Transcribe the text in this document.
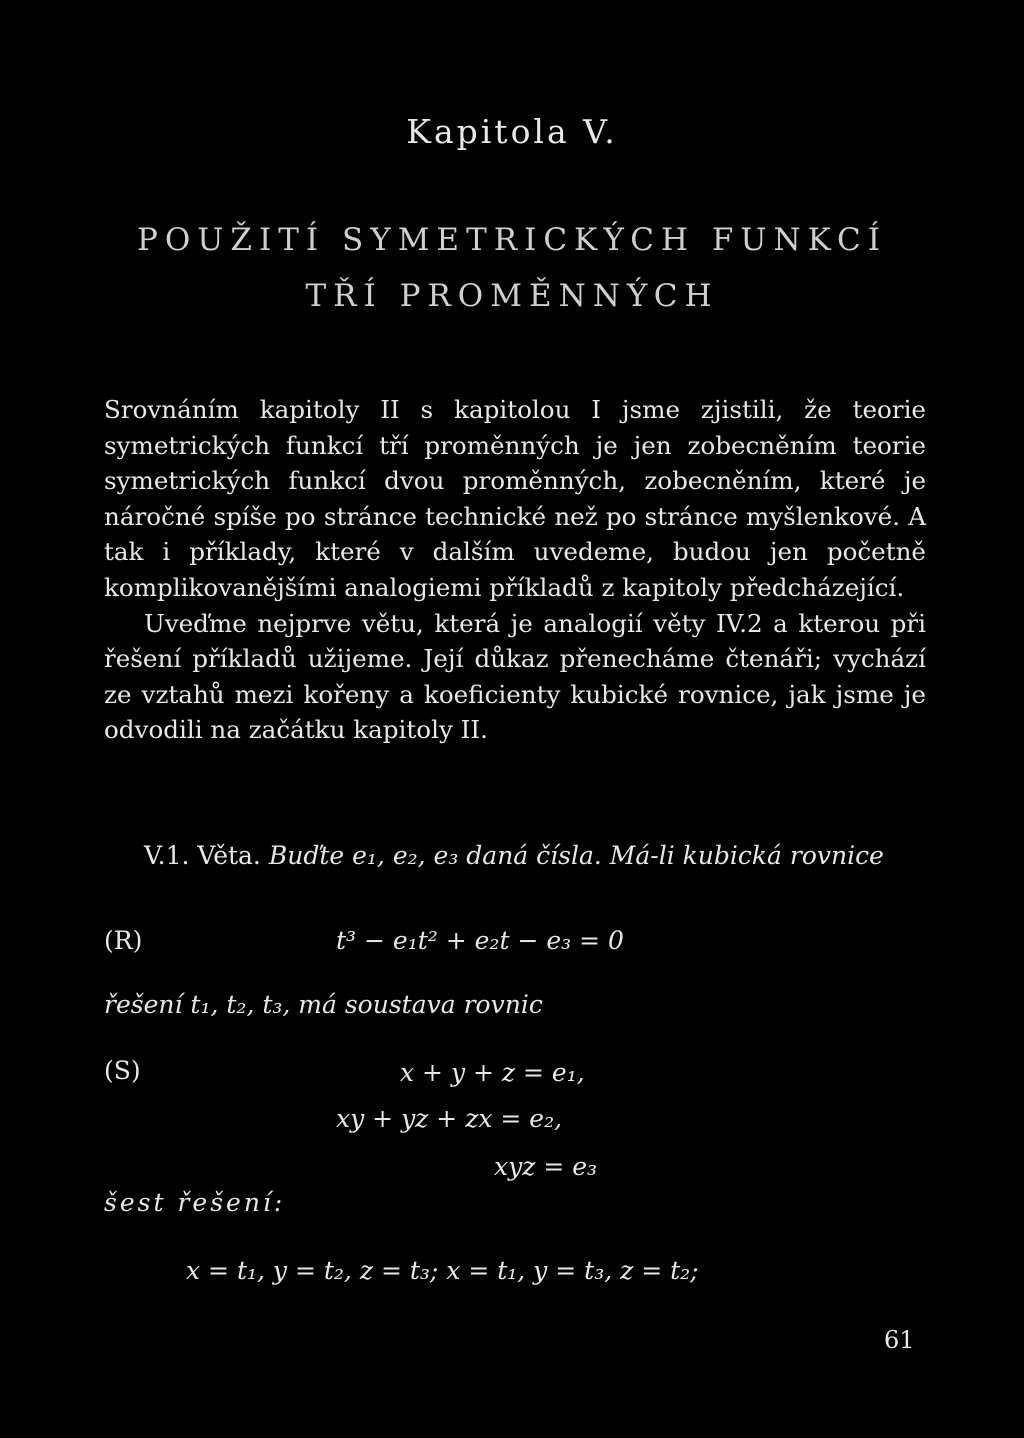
Kapitola V.
POUŽITÍ SYMETRICKÝCH FUNKCÍ
TŘÍ PROMĚNNÝCH

Srovnáním kapitoly II s kapitolou I jsme zjistili, že teorie symetrických funkcí tří proměnných je jen zobecněním teorie symetrických funkcí dvou proměnných, zobecněním, které je náročné spíše po stránce technické než po stránce myšlenkové. A tak i příklady, které v dalším uvedeme, budou jen početně komplikovanějšími analogiemi příkladů z kapitoly předcházející.

Uveďme nejprve větu, která je analogií věty IV.2 a kterou při řešení příkladů užijeme. Její důkaz přenecháme čtenáři; vychází ze vztahů mezi kořeny a koeficienty kubické rovnice, jak jsme je odvodili na začátku kapitoly II.

V.1. Věta. Buďte e₁, e₂, e₃ daná čísla. Má-li kubická rovnice
(R)	t³ − e₁t² + e₂t − e₃ = 0
řešení t₁, t₂, t₃, má soustava rovnic
(S)	x + y + z = e₁,
xy + yz + zx = e₂,
xyz = e₃
šest řešení:
x = t₁, y = t₂, z = t₃; x = t₁, y = t₃, z = t₂;
61
